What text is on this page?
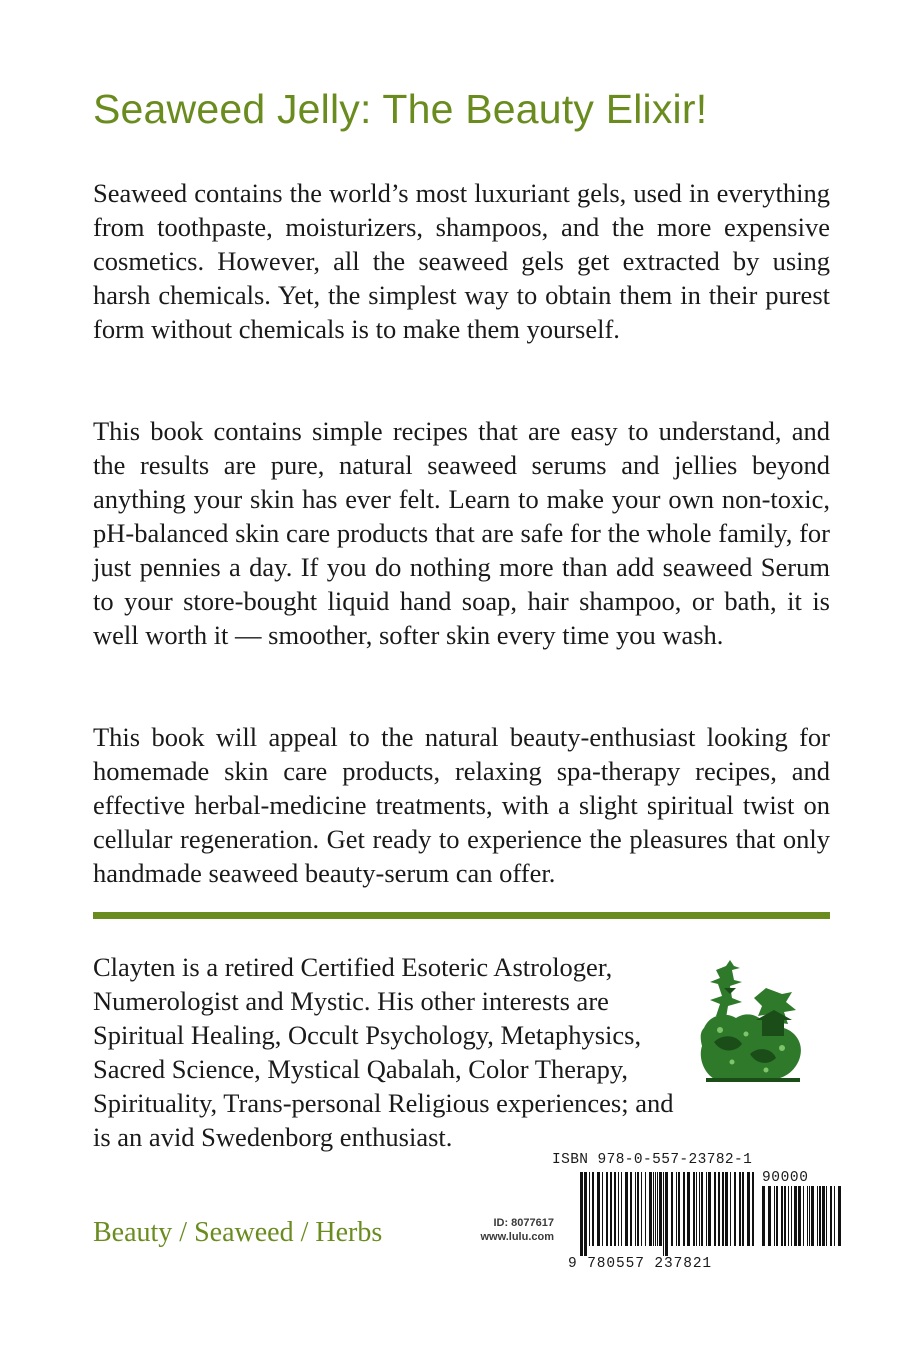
Seaweed Jelly: The Beauty Elixir!

Seaweed contains the world’s most luxuriant gels, used in everything from toothpaste, moisturizers, shampoos, and the more expensive cosmetics. However, all the seaweed gels get extracted by using harsh chemicals. Yet, the simplest way to obtain them in their purest form without chemicals is to make them yourself.

This book contains simple recipes that are easy to understand, and the results are pure, natural seaweed serums and jellies beyond anything your skin has ever felt. Learn to make your own non-toxic, pH-balanced skin care products that are safe for the whole family, for just pennies a day. If you do nothing more than add seaweed Serum to your store-bought liquid hand soap, hair shampoo, or bath, it is well worth it — smoother, softer skin every time you wash.

This book will appeal to the natural beauty-enthusiast looking for homemade skin care products, relaxing spa-therapy recipes, and effective herbal-medicine treatments, with a slight spiritual twist on cellular regeneration. Get ready to experience the pleasures that only handmade seaweed beauty-serum can offer.

Clayten is a retired Certified Esoteric Astrologer, Numerologist and Mystic. His other interests are Spiritual Healing, Occult Psychology, Metaphysics, Sacred Science, Mystical Qabalah, Color Therapy, Spirituality, Trans-personal Religious experiences; and is an avid Swedenborg enthusiast.

Beauty / Seaweed / Herbs	ID: 8077617
www.lulu.com
ISBN 978-0-557-23782-1
90000
9 780557 237821
